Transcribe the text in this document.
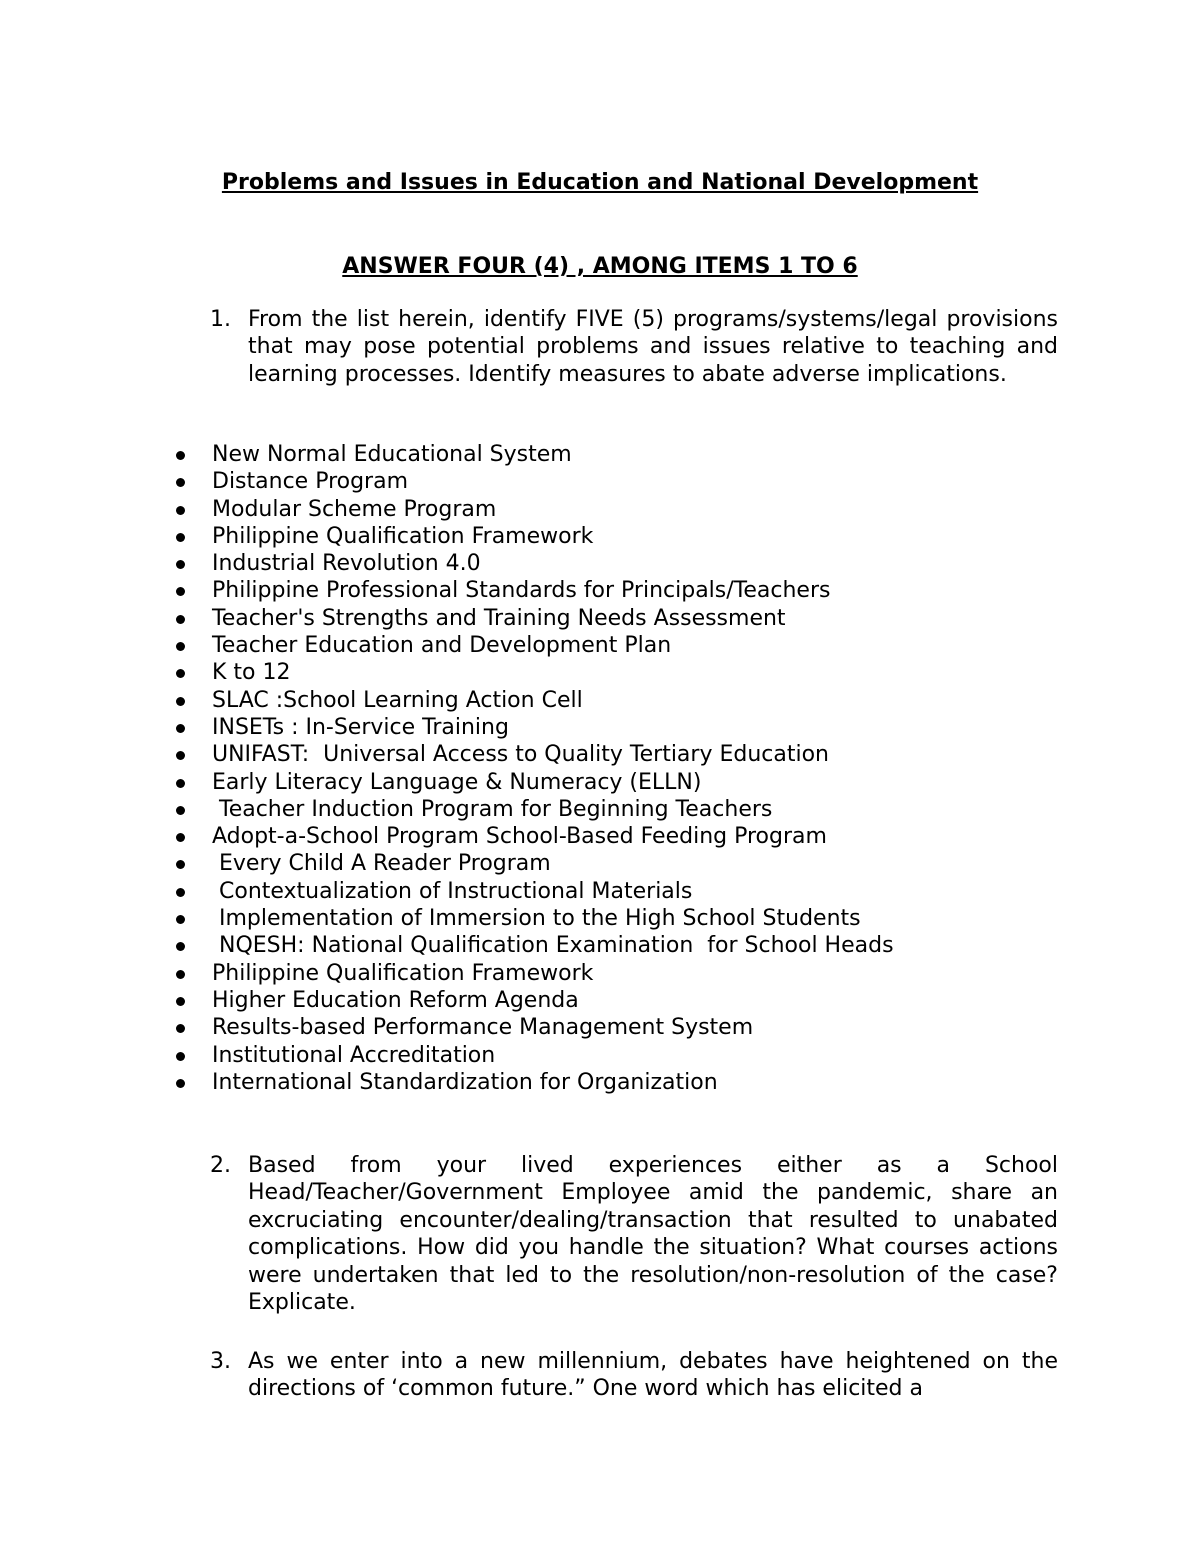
Problems and Issues in Education and National Development
ANSWER FOUR (4) , AMONG ITEMS 1 TO 6
1. From the list herein, identify FIVE (5) programs/systems/legal provisions that may pose potential problems and issues relative to teaching and learning processes. Identify measures to abate adverse implications.
New Normal Educational System
Distance Program
Modular Scheme Program
Philippine Qualification Framework
Industrial Revolution 4.0
Philippine Professional Standards for Principals/Teachers
Teacher's Strengths and Training Needs Assessment
Teacher Education and Development Plan
K to 12
SLAC :School Learning Action Cell
INSETs : In-Service Training
UNIFAST:  Universal Access to Quality Tertiary Education
Early Literacy Language & Numeracy (ELLN)
Teacher Induction Program for Beginning Teachers
Adopt-a-School Program School-Based Feeding Program
Every Child A Reader Program
Contextualization of Instructional Materials
Implementation of Immersion to the High School Students
NQESH: National Qualification Examination  for School Heads
Philippine Qualification Framework
Higher Education Reform Agenda
Results-based Performance Management System
Institutional Accreditation
International Standardization for Organization
2. Based from your lived experiences either as a School Head/Teacher/Government Employee amid the pandemic, share an excruciating encounter/dealing/transaction that resulted to unabated complications. How did you handle the situation? What courses actions were undertaken that led to the resolution/non-resolution of the case? Explicate.
3. As we enter into a new millennium, debates have heightened on the directions of ‘common future.” One word which has elicited a
